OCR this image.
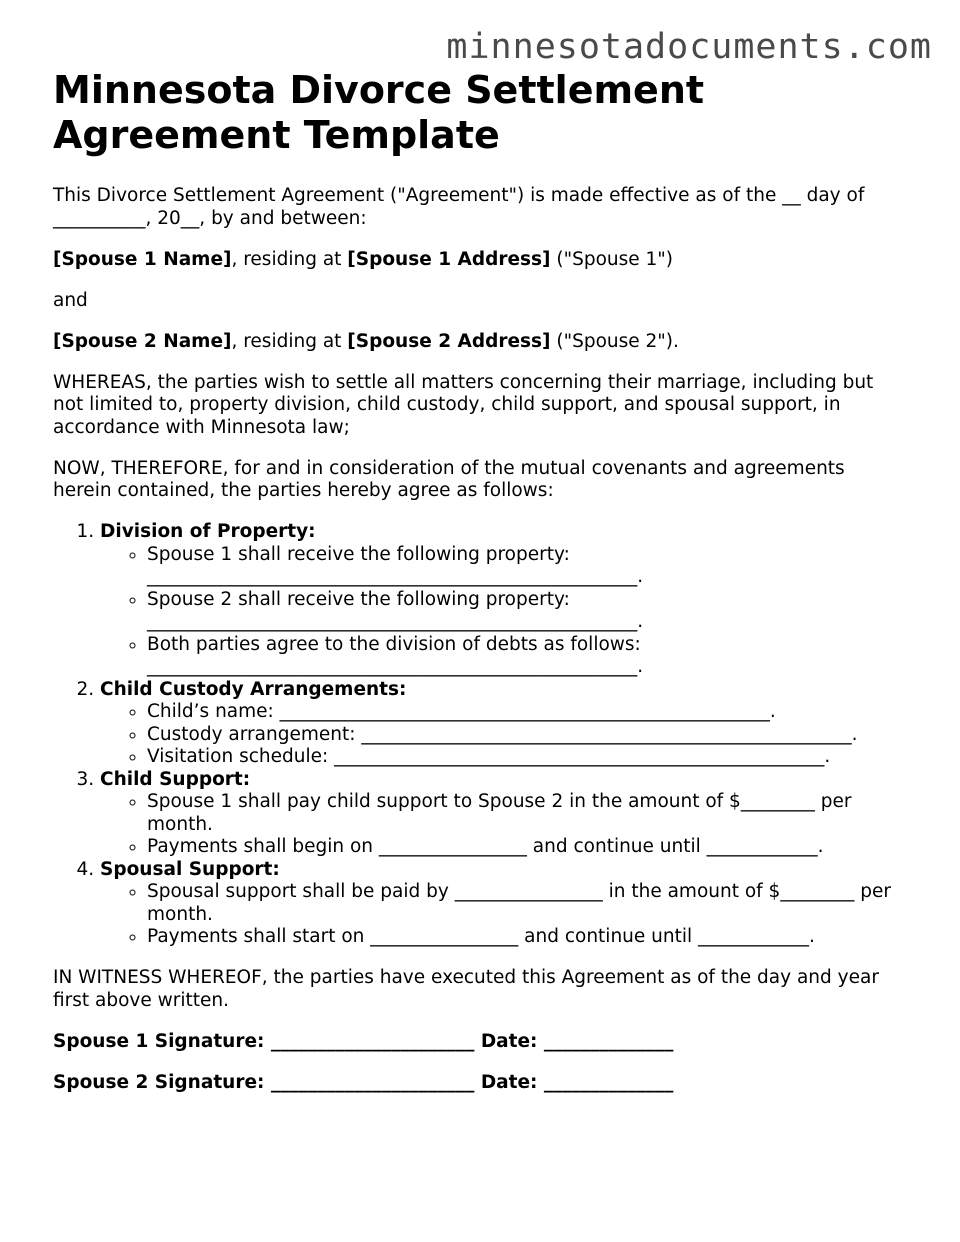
minnesotadocuments.com
Minnesota Divorce Settlement
Agreement Template

This Divorce Settlement Agreement ("Agreement") is made effective as of the __ day of
__________, 20__, by and between:

[Spouse 1 Name], residing at [Spouse 1 Address] ("Spouse 1")

and

[Spouse 2 Name], residing at [Spouse 2 Address] ("Spouse 2").

WHEREAS, the parties wish to settle all matters concerning their marriage, including but
not limited to, property division, child custody, child support, and spousal support, in
accordance with Minnesota law;

NOW, THEREFORE, for and in consideration of the mutual covenants and agreements
herein contained, the parties hereby agree as follows:

1. Division of Property:
◦ Spouse 1 shall receive the following property:
_____________________________________________________.
◦ Spouse 2 shall receive the following property:
_____________________________________________________.
◦ Both parties agree to the division of debts as follows:
_____________________________________________________.
2. Child Custody Arrangements:
◦ Child’s name: _____________________________________________________.
◦ Custody arrangement: _____________________________________________________.
◦ Visitation schedule: _____________________________________________________.
3. Child Support:
◦ Spouse 1 shall pay child support to Spouse 2 in the amount of $________ per
month.
◦ Payments shall begin on ________________ and continue until ____________.
4. Spousal Support:
◦ Spousal support shall be paid by ________________ in the amount of $________ per
month.
◦ Payments shall start on ________________ and continue until ____________.

IN WITNESS WHEREOF, the parties have executed this Agreement as of the day and year
first above written.

Spouse 1 Signature: ______________________ Date: ______________

Spouse 2 Signature: ______________________ Date: ______________
